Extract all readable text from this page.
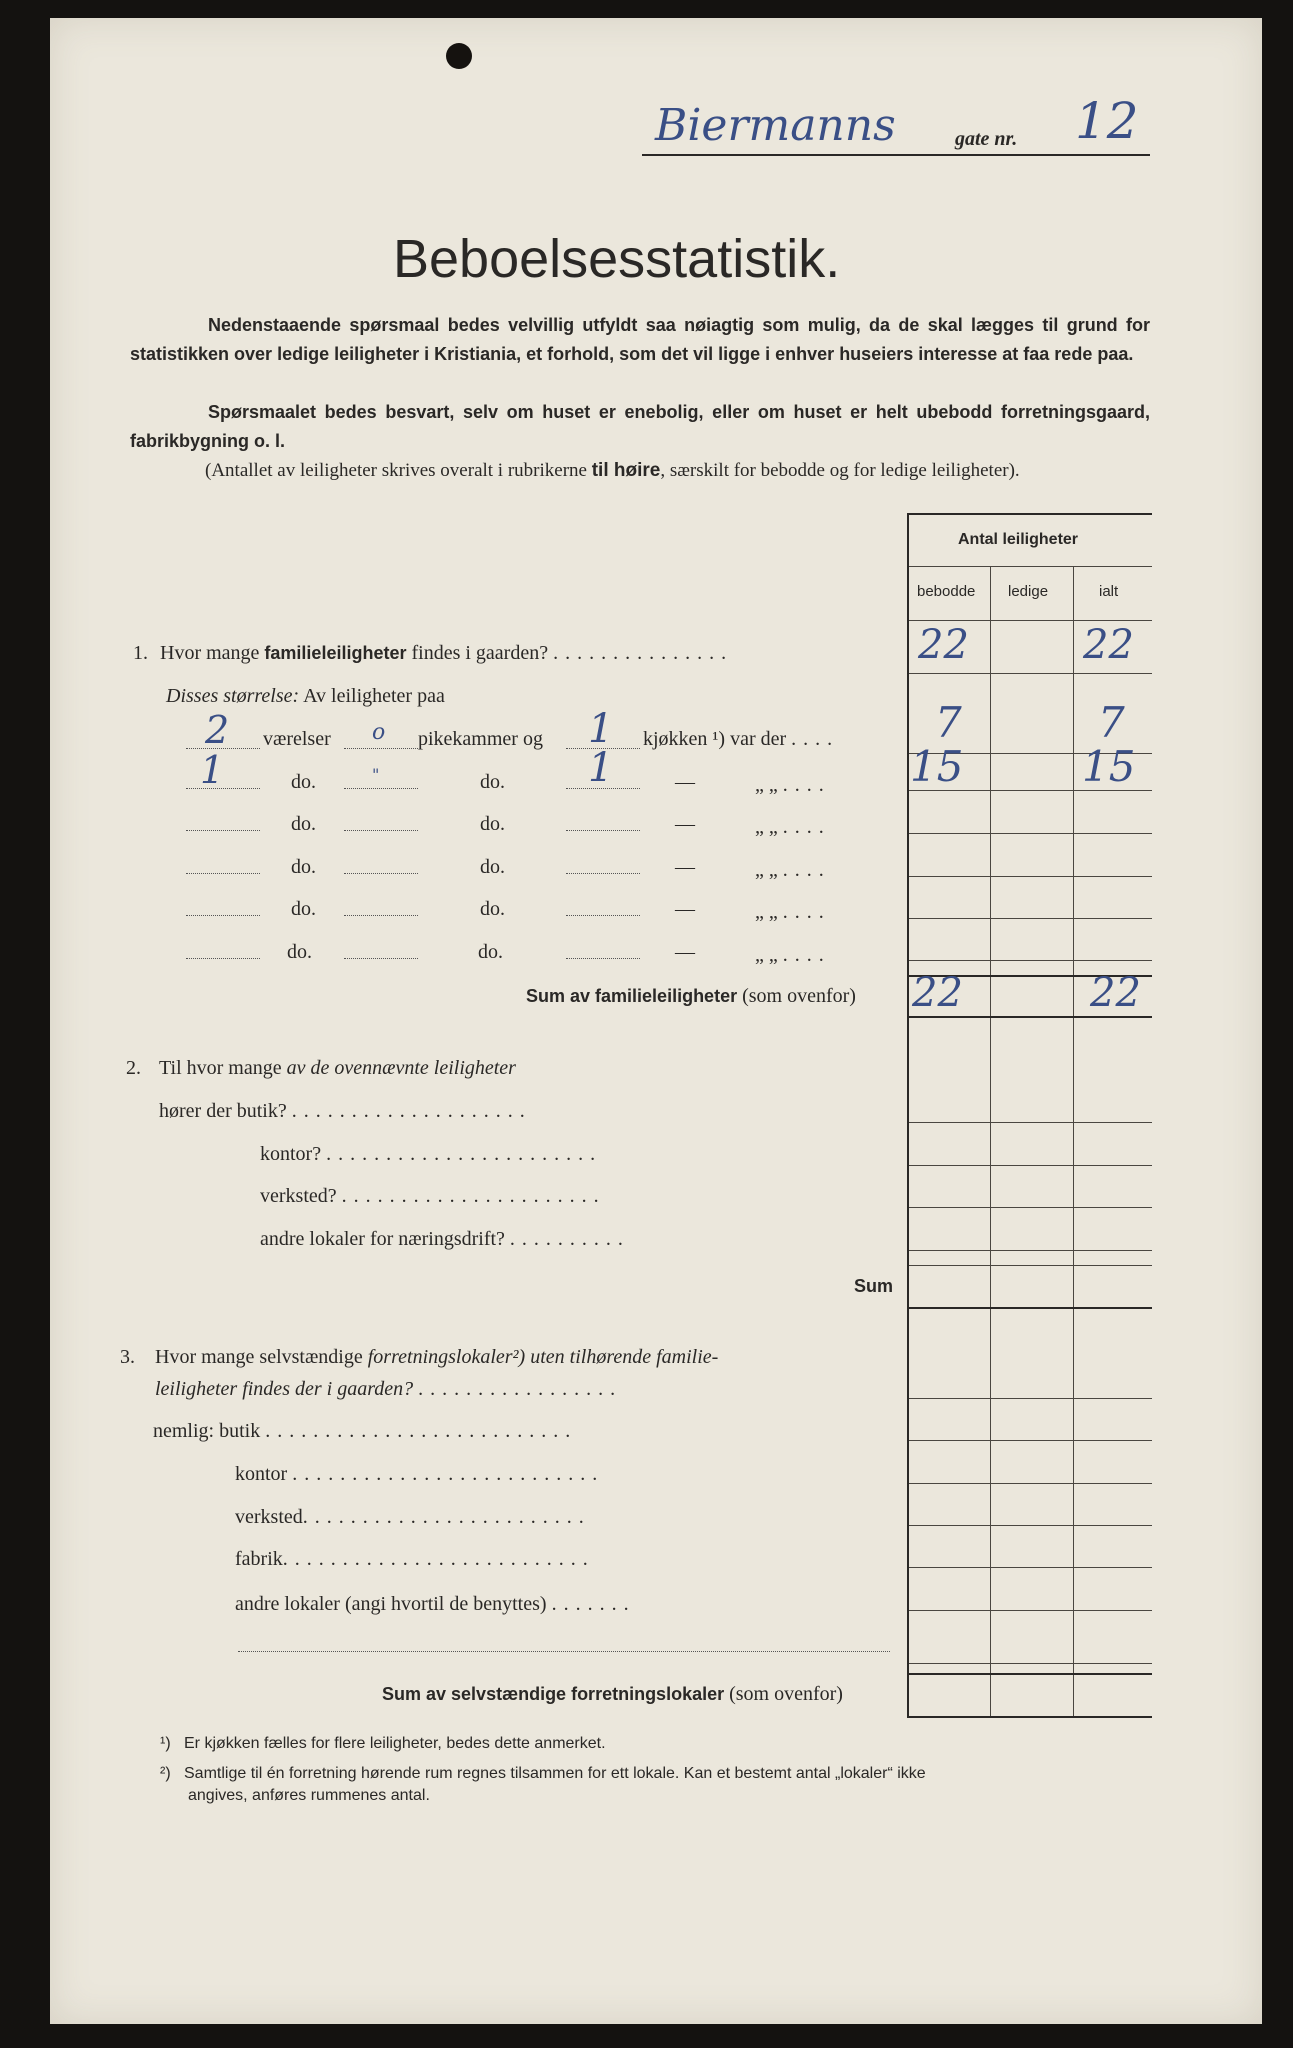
Biermanns	gate nr. 12
Beboelsesstatistik.
Nedenstaaende spørsmaal bedes velvillig utfyldt saa nøiagtig som mulig, da de skal lægges til grund for statistikken over ledige leiligheter i Kristiania, et forhold, som det vil ligge i enhver huseiers interesse at faa rede paa.
Spørsmaalet bedes besvart, selv om huset er enebolig, eller om huset er helt ubebodd forretningsgaard, fabrikbygning o. l.
(Antallet av leiligheter skrives overalt i rubrikerne til høire, særskilt for bebodde og for ledige leiligheter).
Antal leiligheter
bebodde ledige	ialt
1. Hvor mange familieleiligheter findes i gaarden? ...............	22	22
Disses størrelse: Av leiligheter paa
2 værelser o pikekammer og 1 kjøkken ¹) var der .... 7	7
1	"	1	15	15
do.	do.	—	„ „ ....
do.	do.	—	„ „ ....
do.	do.	—	„ „ ....
do.	do.	—	„ „ ....
do.	do.	—	„ „ ....
Sum av familieleiligheter (som ovenfor) 22	22
2. Til hvor mange av de ovennævnte leiligheter
hører der butik? ....................
kontor? .......................
verksted? ......................
andre lokaler for næringsdrift? ..........
Sum
3. Hvor mange selvstændige forretningslokaler²) uten tilhørende familie-
leiligheter findes der i gaarden? .................
nemlig: butik ..........................
kontor ..........................
verksted........................
fabrik..........................
andre lokaler (angi hvortil de benyttes) .......
Sum av selvstændige forretningslokaler (som ovenfor)
¹) Er kjøkken fælles for flere leiligheter, bedes dette anmerket.
²) Samtlige til én forretning hørende rum regnes tilsammen for ett lokale. Kan et bestemt antal „lokaler“ ikke
angives, anføres rummenes antal.
